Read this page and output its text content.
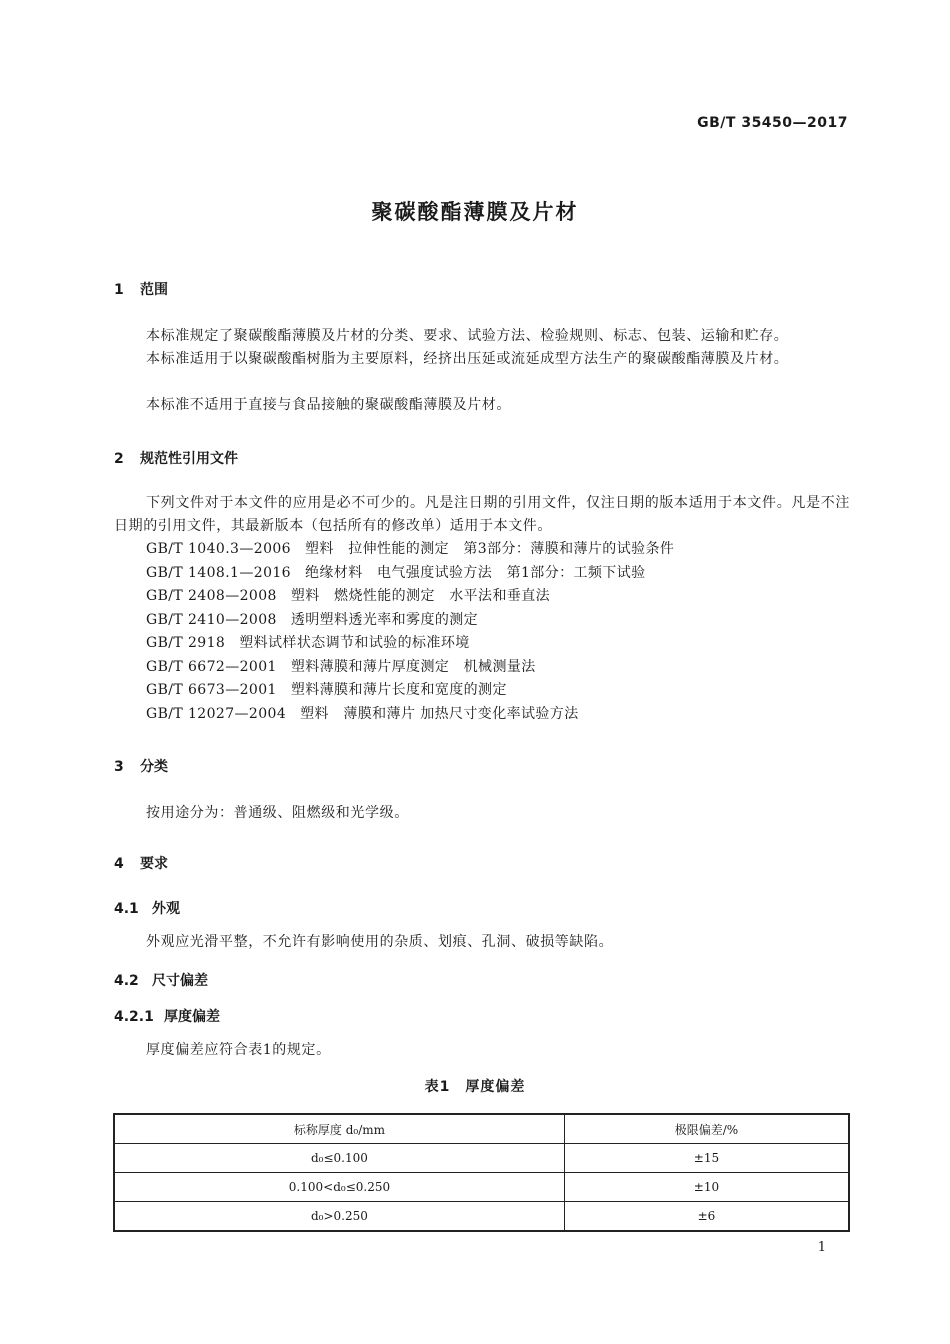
GB/T 35450—2017
聚碳酸酯薄膜及片材
1 范围

本标准规定了聚碳酸酯薄膜及片材的分类、要求、试验方法、检验规则、标志、包装、运输和贮存。

本标准适用于以聚碳酸酯树脂为主要原料，经挤出压延或流延成型方法生产的聚碳酸酯薄膜及片材。

本标准不适用于直接与食品接触的聚碳酸酯薄膜及片材。

2 规范性引用文件

下列文件对于本文件的应用是必不可少的。凡是注日期的引用文件，仅注日期的版本适用于本文件。凡是不注日期的引用文件，其最新版本（包括所有的修改单）适用于本文件。

GB/T 1040.3—2006 塑料　拉伸性能的测定　第3部分：薄膜和薄片的试验条件
GB/T 1408.1—2016 绝缘材料　电气强度试验方法　第1部分：工频下试验
GB/T 2408—2008 塑料　燃烧性能的测定　水平法和垂直法
GB/T 2410—2008 透明塑料透光率和雾度的测定
GB/T 2918 塑料试样状态调节和试验的标准环境
GB/T 6672—2001 塑料薄膜和薄片厚度测定　机械测量法
GB/T 6673—2001 塑料薄膜和薄片长度和宽度的测定
GB/T 12027—2004 塑料　薄膜和薄片 加热尺寸变化率试验方法
3 分类

按用途分为：普通级、阻燃级和光学级。

4 要求
4.1 外观

外观应光滑平整，不允许有影响使用的杂质、划痕、孔洞、破损等缺陷。

4.2 尺寸偏差
4.2.1 厚度偏差

厚度偏差应符合表1的规定。

表1　厚度偏差
标称厚度 d₀/mm	极限偏差/%
d₀≤0.100	±15
0.100<d₀≤0.250	±10
d₀>0.250	±6
1
